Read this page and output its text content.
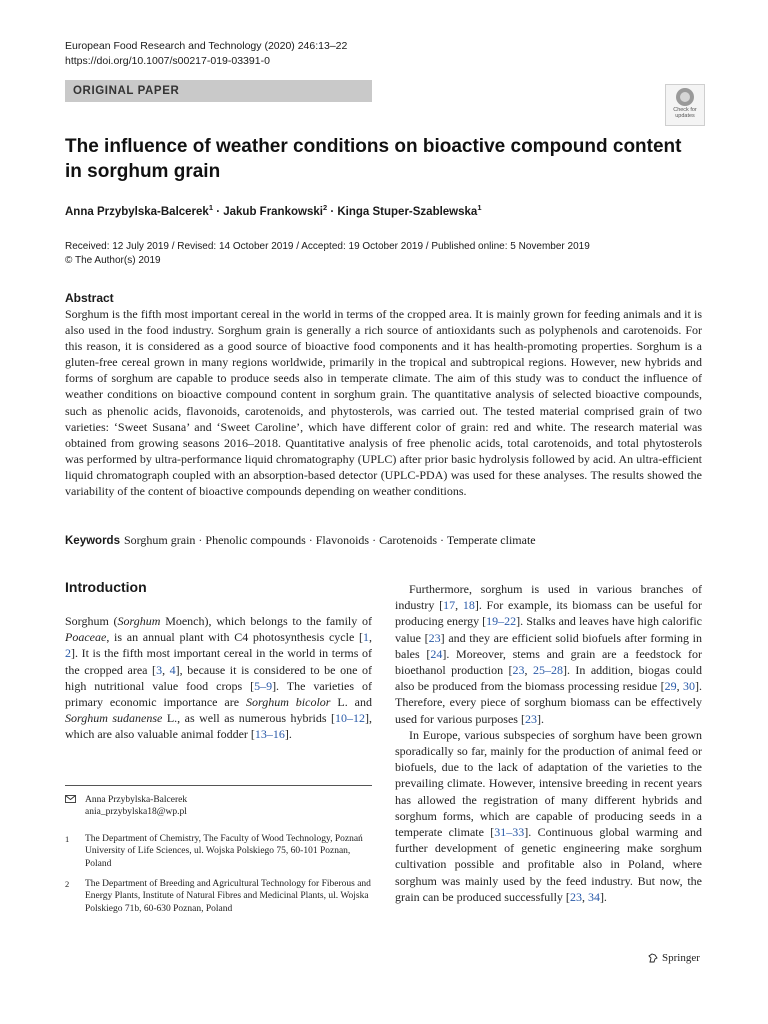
European Food Research and Technology (2020) 246:13–22
https://doi.org/10.1007/s00217-019-03391-0
ORIGINAL PAPER
Check for updates
The influence of weather conditions on bioactive compound content in sorghum grain
Anna Przybylska-Balcerek$^1$ · Jakub Frankowski$^2$ · Kinga Stuper-Szablewska$^1$
Received: 12 July 2019 / Revised: 14 October 2019 / Accepted: 19 October 2019 / Published online: 5 November 2019
© The Author(s) 2019
Abstract
Sorghum is the fifth most important cereal in the world in terms of the cropped area. It is mainly grown for feeding animals and it is also used in the food industry. Sorghum grain is generally a rich source of antioxidants such as polyphenols and carotenoids. For this reason, it is considered as a good source of bioactive food components and it has health-promoting properties. Sorghum is a gluten-free cereal grown in many regions worldwide, primarily in the tropical and subtropical regions. However, new hybrids and forms of sorghum are capable to produce seeds also in temperate climate. The aim of this study was to conduct the influence of weather conditions on bioactive compound content in sorghum grain. The quantitative analysis of selected bioactive compounds, such as phenolic acids, flavonoids, carotenoids, and phytosterols, was carried out. The tested material comprised grain of two varieties: ‘Sweet Susana’ and ‘Sweet Caroline’, which have different color of grain: red and white. The research material was obtained from growing seasons 2016–2018. Quantitative analysis of free phenolic acids, total carotenoids, and total phytosterols was performed by ultra-performance liquid chromatography (UPLC) after prior basic hydrolysis followed by acid. An ultra-efficient liquid chromatograph coupled with an absorption-based detector (UPLC-PDA) was used for these analyses. The results showed the variability of the content of bioactive compounds depending on weather conditions.
Keywords Sorghum grain · Phenolic compounds · Flavonoids · Carotenoids · Temperate climate
Introduction

Sorghum (Sorghum Moench), which belongs to the family of Poaceae, is an annual plant with C4 photosynthesis cycle [1, 2]. It is the fifth most important cereal in the world in terms of the cropped area [3, 4], because it is considered to be one of high nutritional value food crops [5–9]. The varieties of primary economic importance are Sorghum bicolor L. and Sorghum sudanense L., as well as numerous hybrids [10–12], which are also valuable animal fodder [13–16].

Furthermore, sorghum is used in various branches of industry [17, 18]. For example, its biomass can be useful for producing energy [19–22]. Stalks and leaves have high calorific value [23] and they are efficient solid biofuels after forming in bales [24]. Moreover, stems and grain are a feedstock for bioethanol production [23, 25–28]. In addition, biogas could also be produced from the biomass processing residue [29, 30]. Therefore, every piece of sorghum biomass can be effectively used for various purposes [23].

In Europe, various subspecies of sorghum have been grown sporadically so far, mainly for the production of animal feed or biofuels, due to the lack of adaptation of the varieties to the prevailing climate. However, intensive breeding in recent years has allowed the registration of many different hybrids and sorghum forms, which are capable of producing seeds in a temperate climate [31–33]. Continuous global warming and further development of genetic engineering make sorghum cultivation possible and profitable also in Poland, where sorghum was mainly used by the feed industry. But now, the grain can be produced successfully [23, 34].

Anna Przybylska-Balcerek
ania_przybylska18@wp.pl
1 The Department of Chemistry, The Faculty of Wood Technology, Poznań University of Life Sciences, ul. Wojska Polskiego 75, 60-101 Poznan, Poland
2 The Department of Breeding and Agricultural Technology for Fiberous and Energy Plants, Institute of Natural Fibres and Medicinal Plants, ul. Wojska Polskiego 71b, 60-630 Poznan, Poland
Springer
